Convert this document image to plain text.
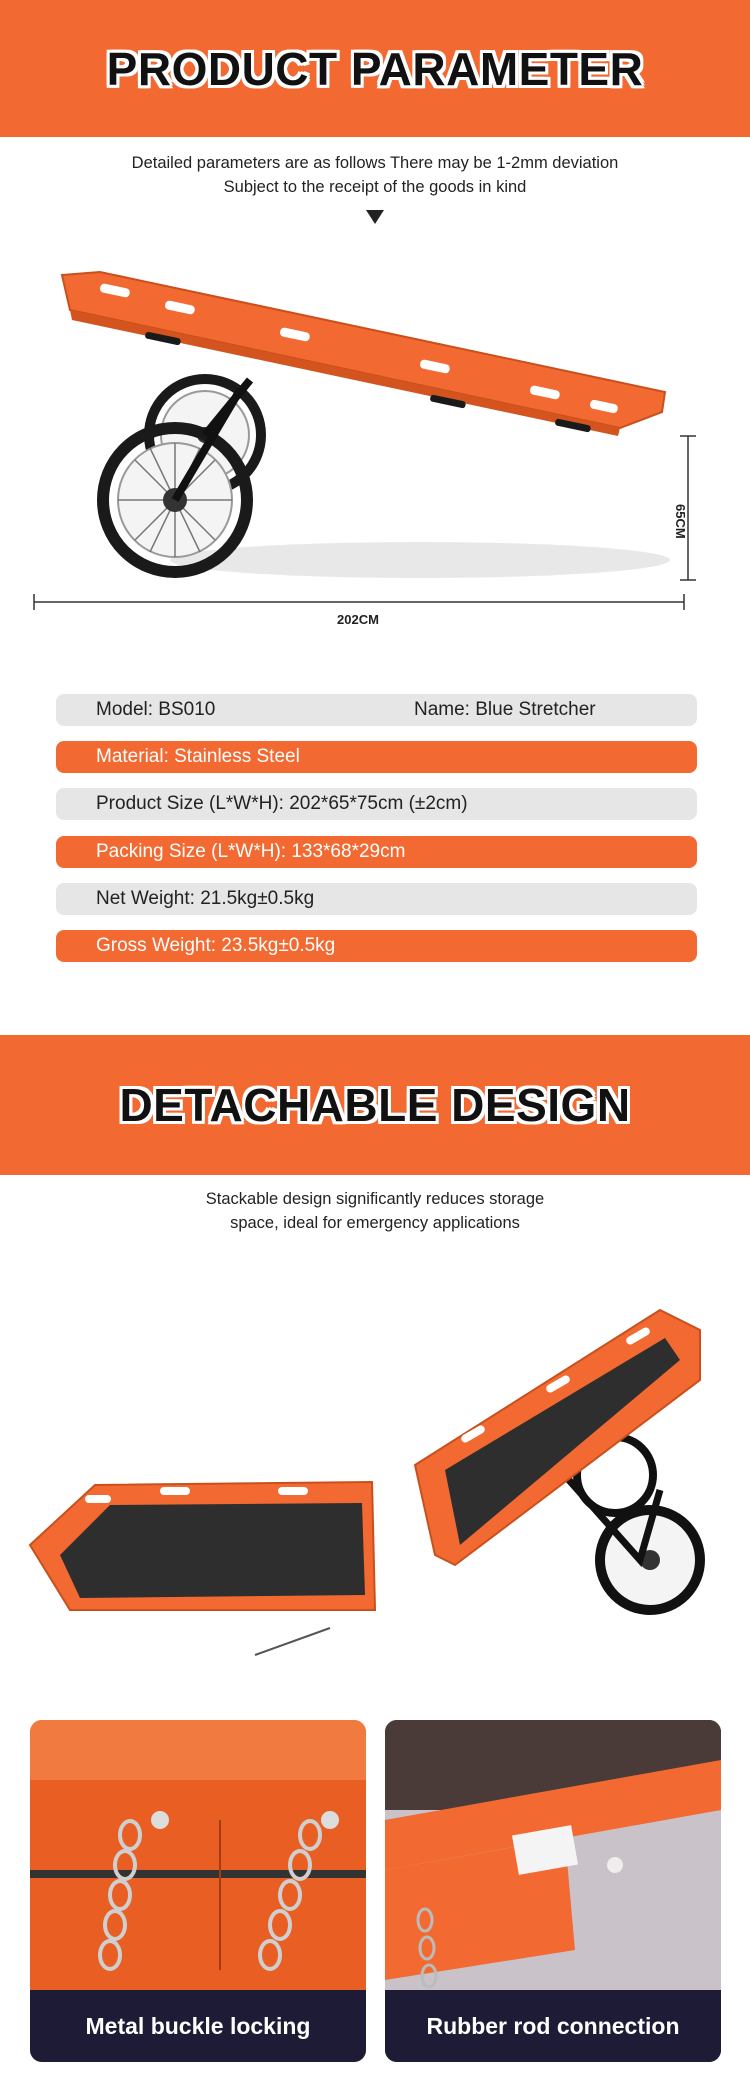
PRODUCT PARAMETER
Detailed parameters are as follows There may be 1-2mm deviation
Subject to the receipt of the goods in kind
202CM
65CM
Model: BS010	Name: Blue Stretcher
Material: Stainless Steel
Product Size (L*W*H): 202*65*75cm (±2cm)
Packing Size (L*W*H): 133*68*29cm
Net Weight: 21.5kg±0.5kg
Gross Weight: 23.5kg±0.5kg
DETACHABLE DESIGN
Stackable design significantly reduces storage
space, ideal for emergency applications
Metal buckle locking	Rubber rod connection
